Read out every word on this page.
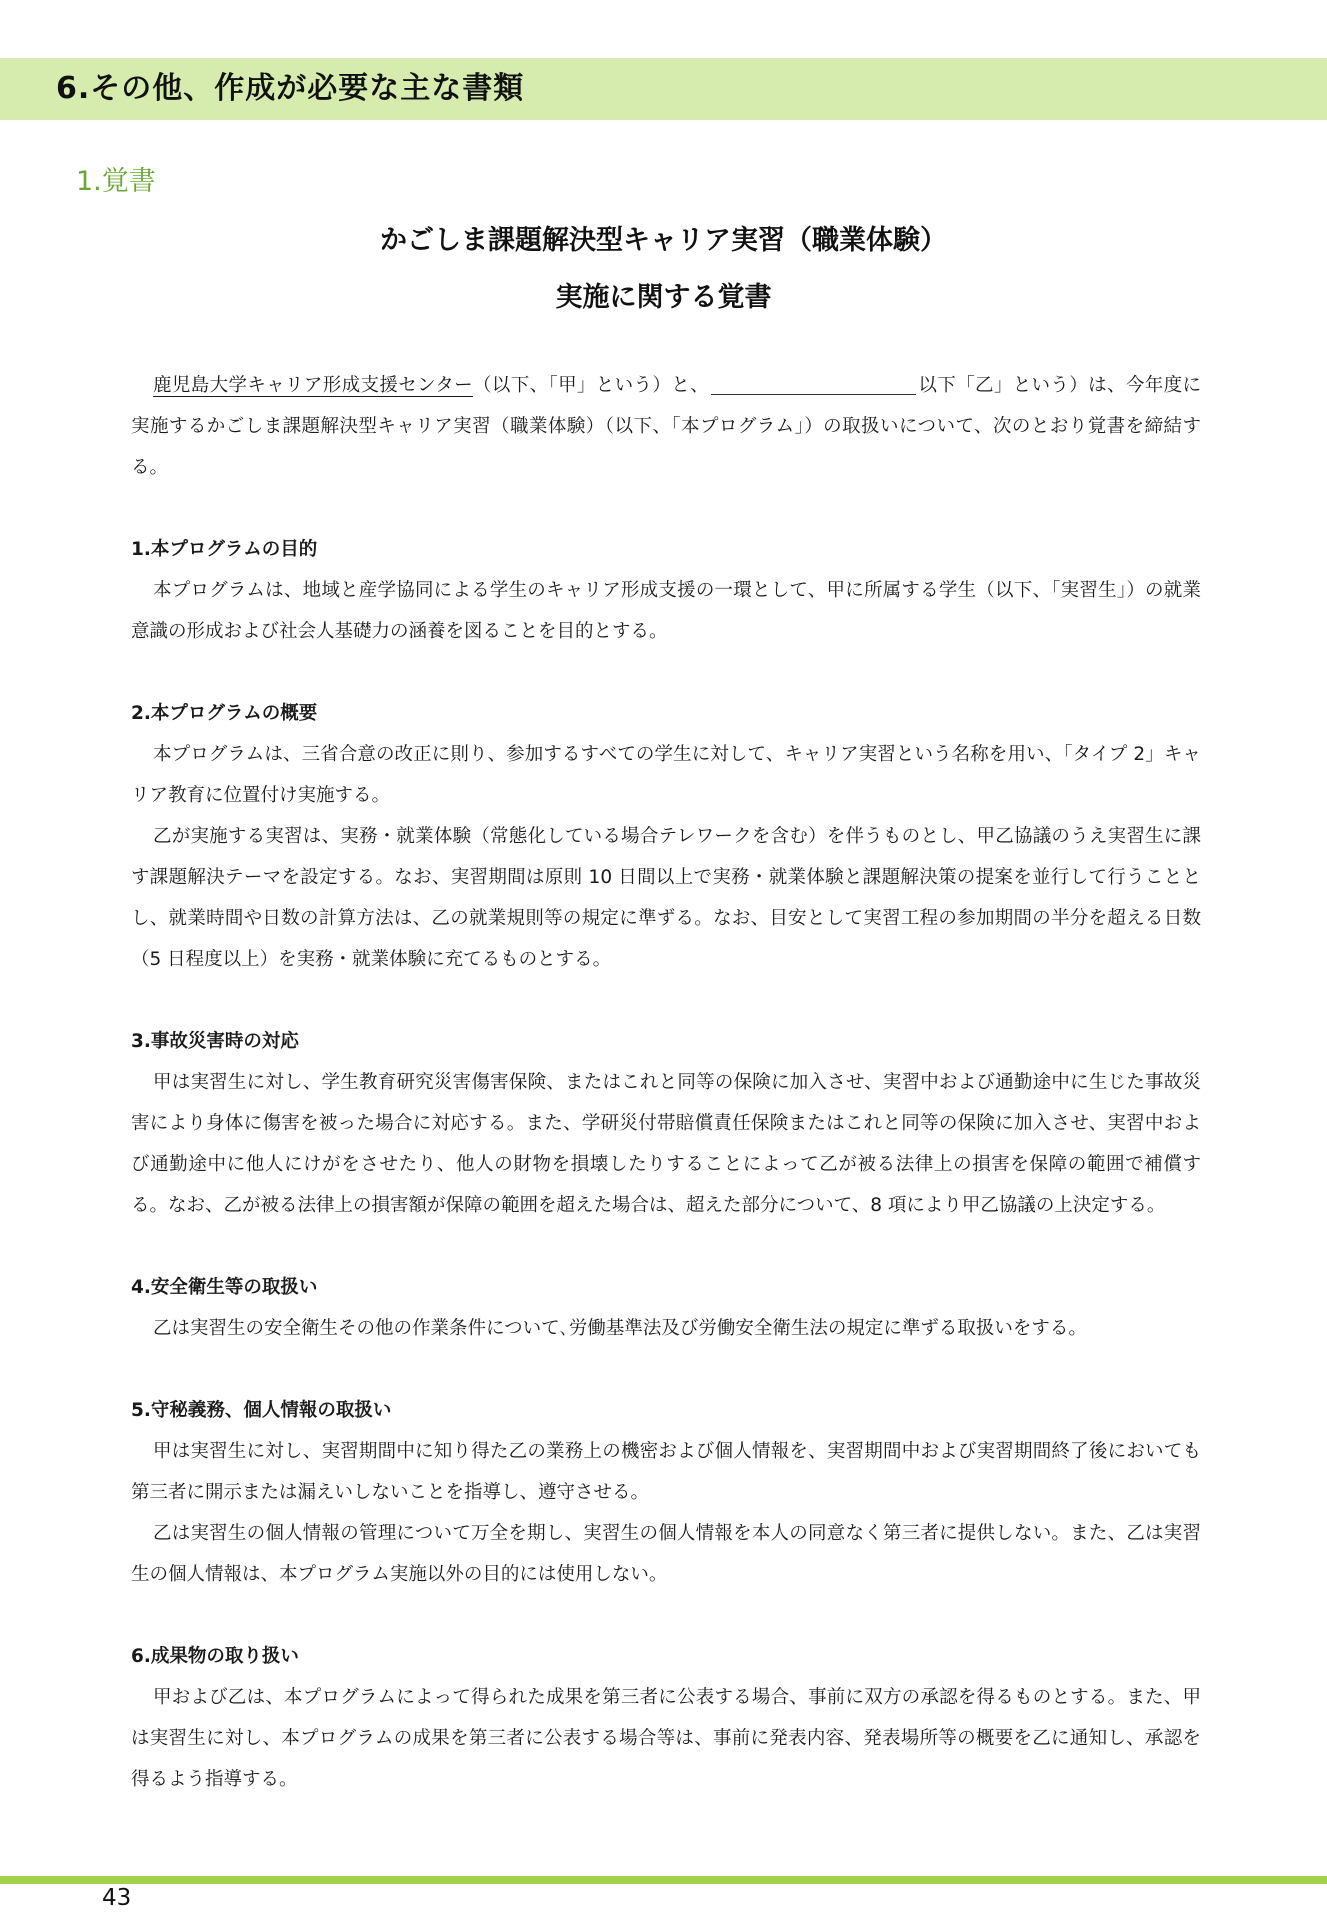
6.その他、作成が必要な主な書類
1.覚書
かごしま課題解決型キャリア実習（職業体験）
実施に関する覚書

鹿児島大学キャリア形成支援センター（以下、「甲」という）と、	以下「乙」という）は、今年度に実施するかごしま課題解決型キャリア実習（職業体験）（以下、「本プログラム」）の取扱いについて、次のとおり覚書を締結する。

1.本プログラムの目的

本プログラムは、地域と産学協同による学生のキャリア形成支援の一環として、甲に所属する学生（以下、「実習生」）の就業意識の形成および社会人基礎力の涵養を図ることを目的とする。

2.本プログラムの概要

本プログラムは、三省合意の改正に則り、参加するすべての学生に対して、キャリア実習という名称を用い、「タイプ 2」キャリア教育に位置付け実施する。

乙が実施する実習は、実務・就業体験（常態化している場合テレワークを含む）を伴うものとし、甲乙協議のうえ実習生に課す課題解決テーマを設定する。なお、実習期間は原則 10 日間以上で実務・就業体験と課題解決策の提案を並行して行うこととし、就業時間や日数の計算方法は、乙の就業規則等の規定に準ずる。なお、目安として実習工程の参加期間の半分を超える日数（5 日程度以上）を実務・就業体験に充てるものとする。

3.事故災害時の対応

甲は実習生に対し、学生教育研究災害傷害保険、またはこれと同等の保険に加入させ、実習中および通勤途中に生じた事故災害により身体に傷害を被った場合に対応する。また、学研災付帯賠償責任保険またはこれと同等の保険に加入させ、実習中および通勤途中に他人にけがをさせたり、他人の財物を損壊したりすることによって乙が被る法律上の損害を保障の範囲で補償する。なお、乙が被る法律上の損害額が保障の範囲を超えた場合は、超えた部分について、8 項により甲乙協議の上決定する。

4.安全衛生等の取扱い

乙は実習生の安全衛生その他の作業条件について､労働基準法及び労働安全衛生法の規定に準ずる取扱いをする。

5.守秘義務、個人情報の取扱い

甲は実習生に対し、実習期間中に知り得た乙の業務上の機密および個人情報を、実習期間中および実習期間終了後においても第三者に開示または漏えいしないことを指導し、遵守させる。

乙は実習生の個人情報の管理について万全を期し、実習生の個人情報を本人の同意なく第三者に提供しない。また、乙は実習生の個人情報は、本プログラム実施以外の目的には使用しない。

6.成果物の取り扱い

甲および乙は、本プログラムによって得られた成果を第三者に公表する場合、事前に双方の承認を得るものとする。また、甲は実習生に対し、本プログラムの成果を第三者に公表する場合等は、事前に発表内容、発表場所等の概要を乙に通知し、承認を得るよう指導する。

43
